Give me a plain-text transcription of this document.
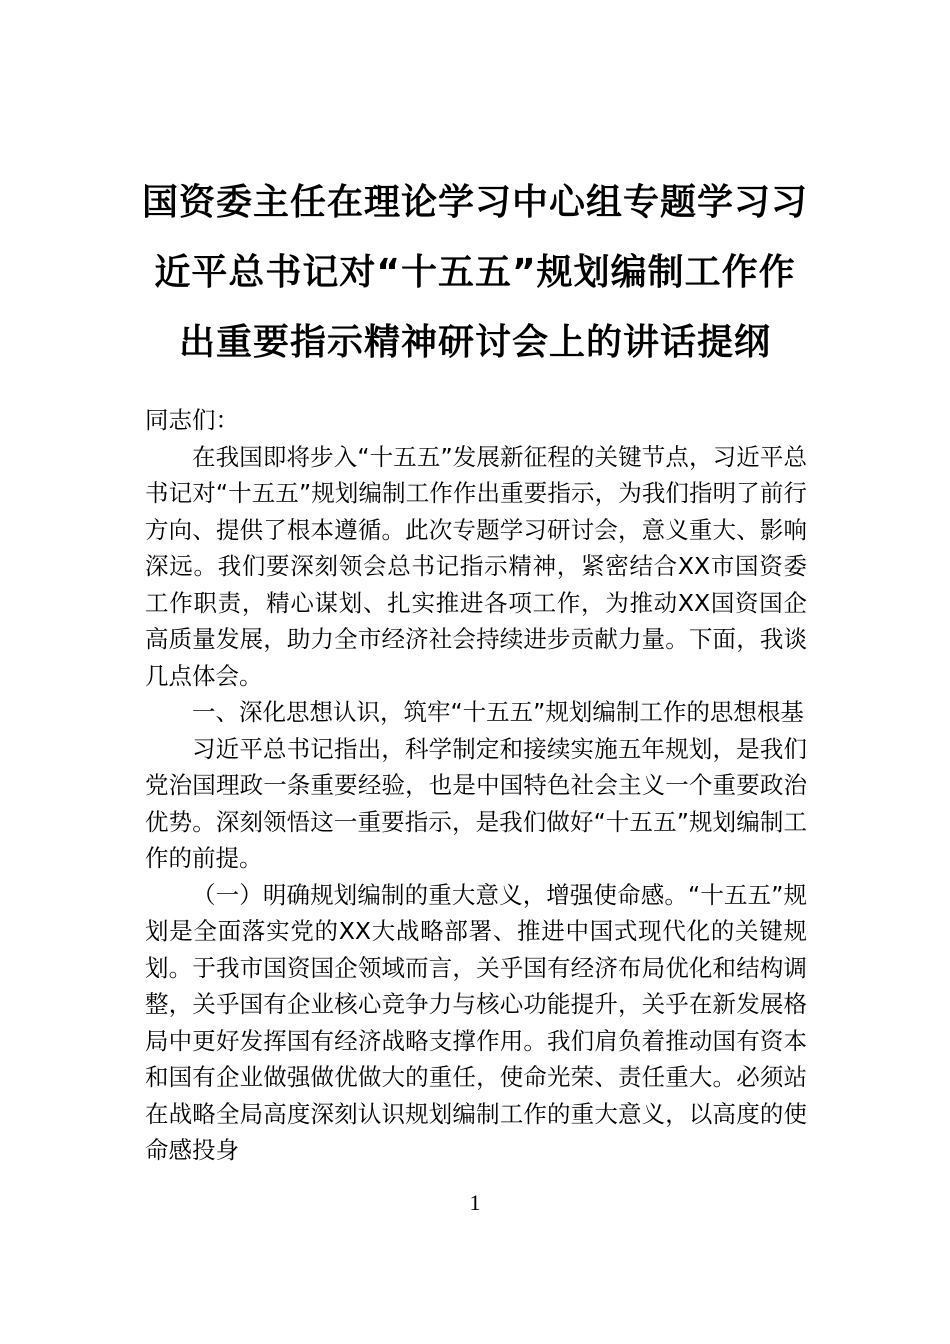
国资委主任在理论学习中心组专题学习习
近平总书记对“十五五”规划编制工作作
出重要指示精神研讨会上的讲话提纲

同志们：

在我国即将步入“十五五”发展新征程的关键节点，习近平总书记对“十五五”规划编制工作作出重要指示，为我们指明了前行方向、提供了根本遵循。此次专题学习研讨会，意义重大、影响深远。我们要深刻领会总书记指示精神，紧密结合XX市国资委工作职责，精心谋划、扎实推进各项工作，为推动XX国资国企高质量发展，助力全市经济社会持续进步贡献力量。下面，我谈几点体会。

一、深化思想认识，筑牢“十五五”规划编制工作的思想根基

习近平总书记指出，科学制定和接续实施五年规划，是我们党治国理政一条重要经验，也是中国特色社会主义一个重要政治优势。深刻领悟这一重要指示，是我们做好“十五五”规划编制工作的前提。

（一）明确规划编制的重大意义，增强使命感。“十五五”规划是全面落实党的XX大战略部署、推进中国式现代化的关键规划。于我市国资国企领域而言，关乎国有经济布局优化和结构调整，关乎国有企业核心竞争力与核心功能提升，关乎在新发展格局中更好发挥国有经济战略支撑作用。我们肩负着推动国有资本和国有企业做强做优做大的重任，使命光荣、责任重大。必须站在战略全局高度深刻认识规划编制工作的重大意义，以高度的使命感投身

1
